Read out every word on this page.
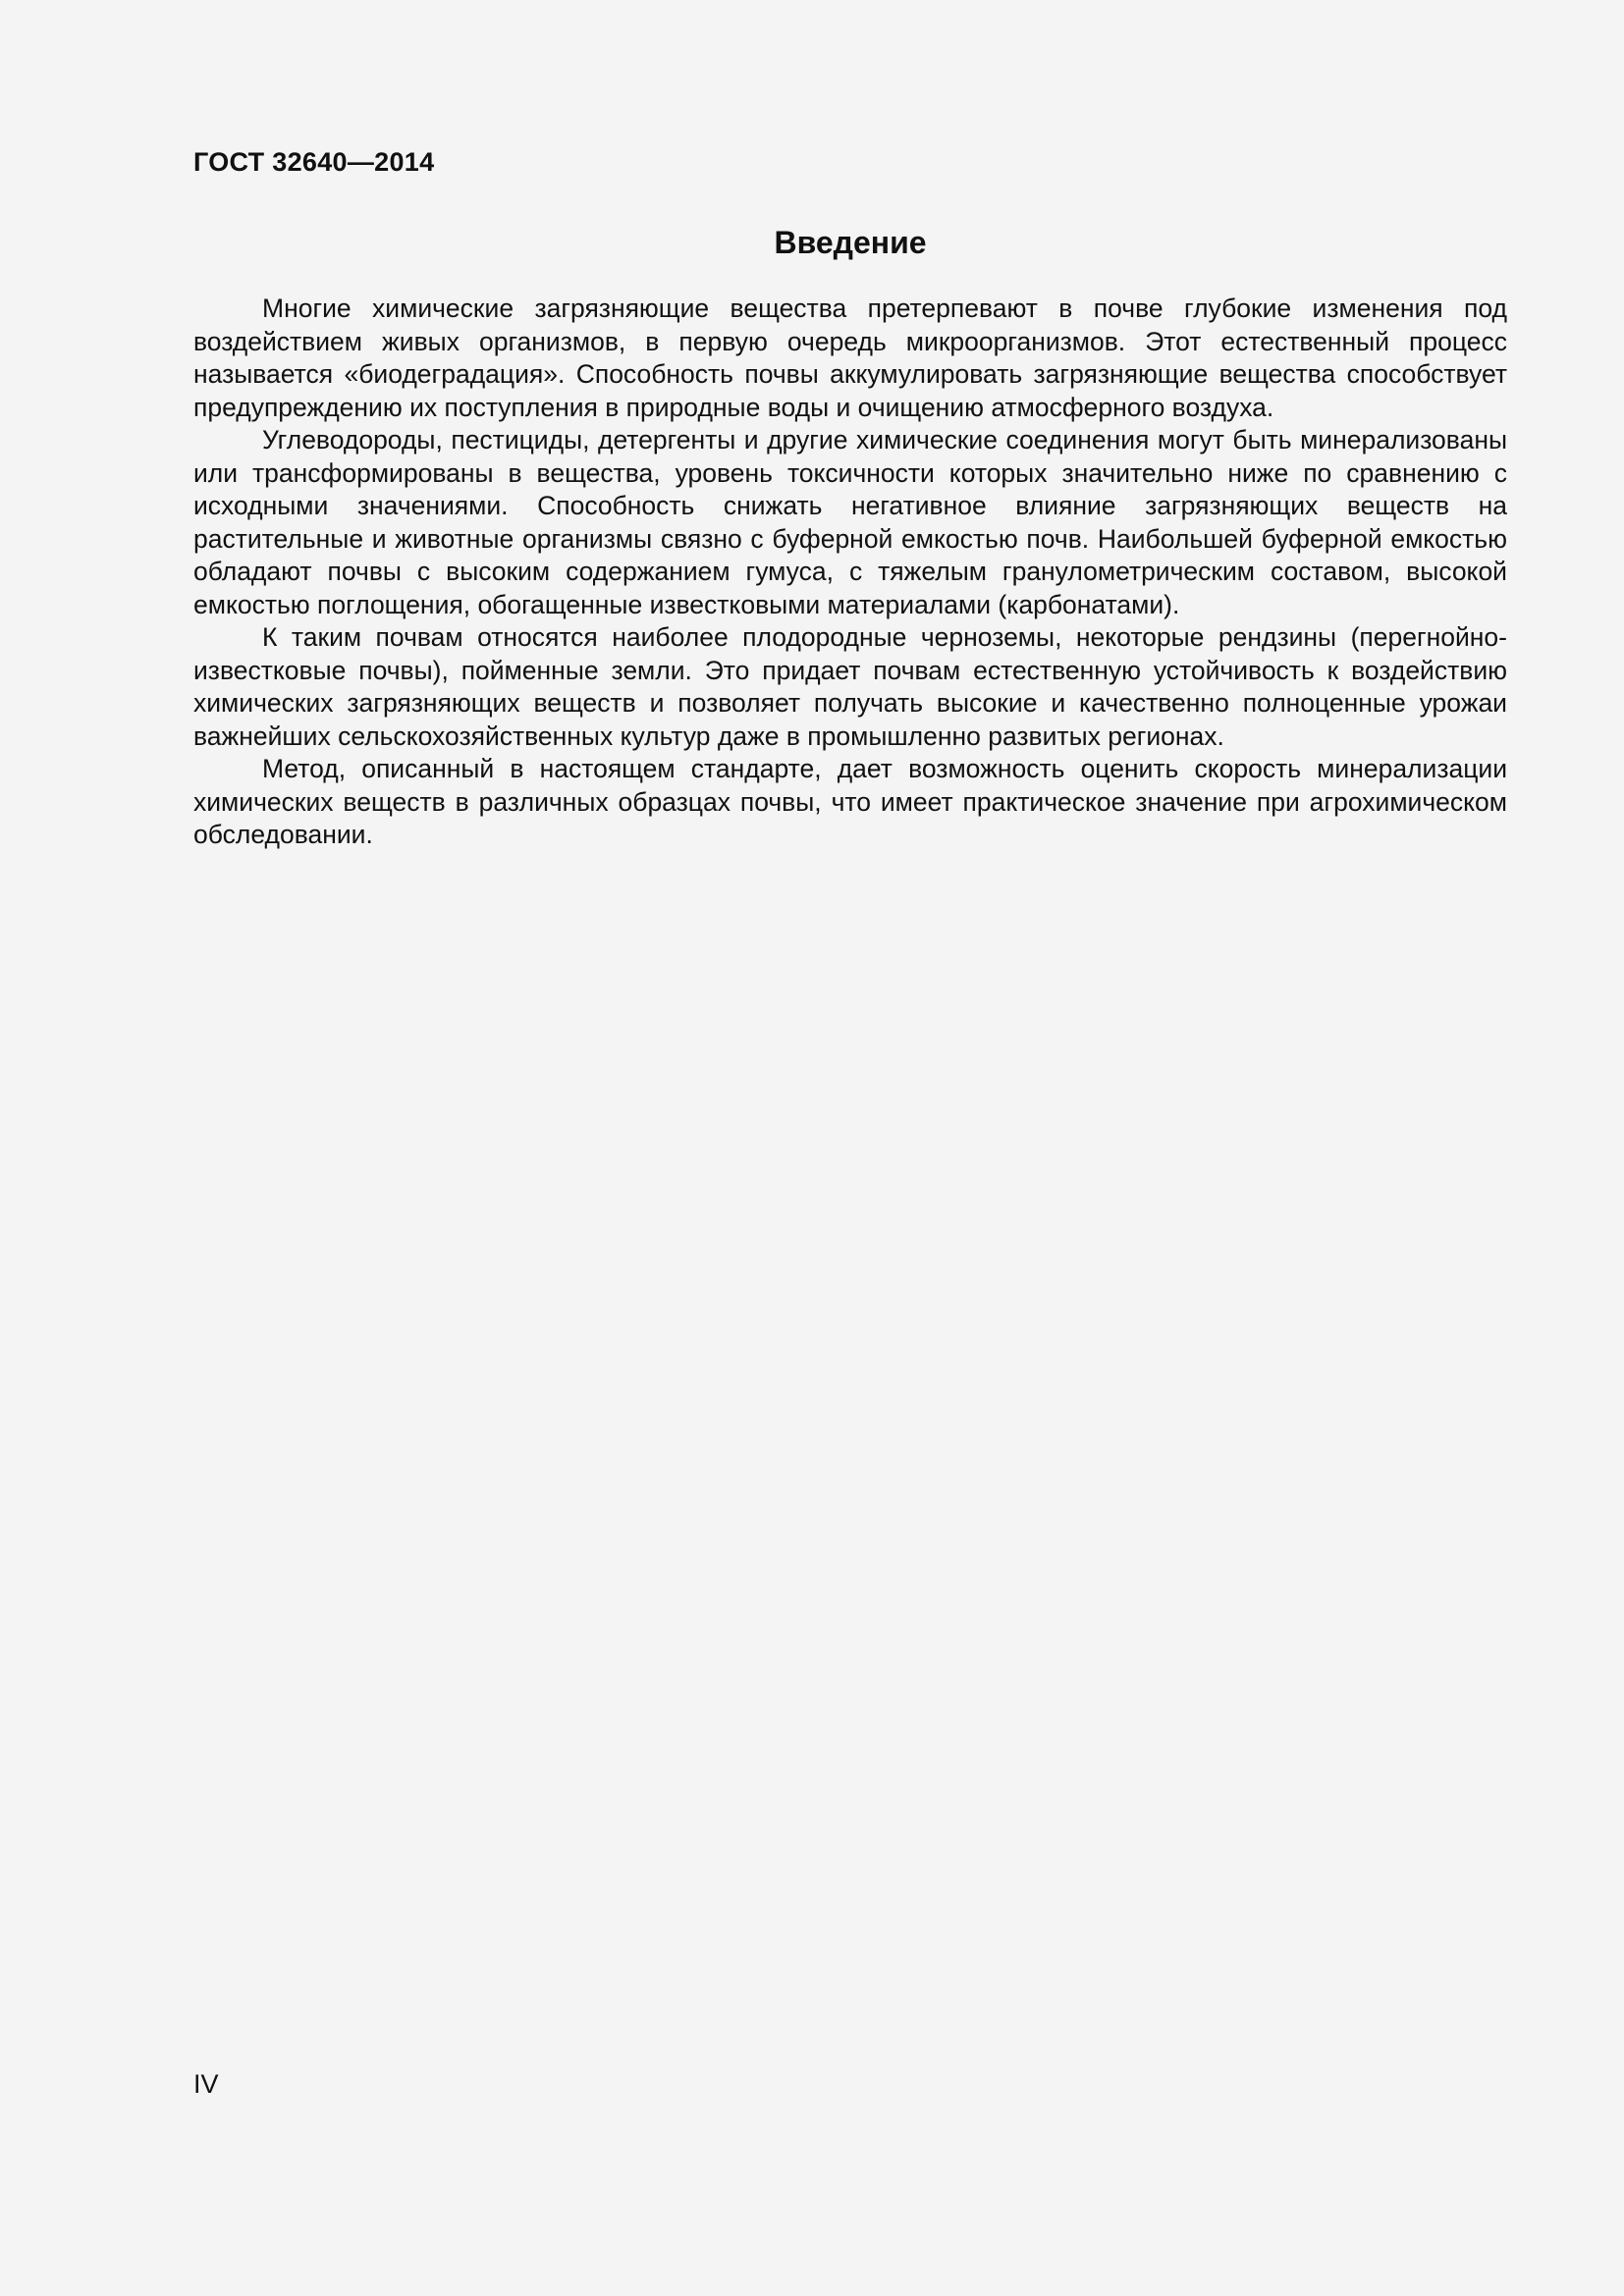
ГОСТ 32640—2014
Введение

Многие химические загрязняющие вещества претерпевают в почве глубокие изменения под воздействием живых организмов, в первую очередь микроорганизмов. Этот естественный процесс называется «биодеградация». Способность почвы аккумулировать загрязняющие вещества способствует предупреждению их поступления в природные воды и очищению атмосферного воздуха.

Углеводороды, пестициды, детергенты и другие химические соединения могут быть минерализованы или трансформированы в вещества, уровень токсичности которых значительно ниже по сравнению с исходными значениями. Способность снижать негативное влияние загрязняющих веществ на растительные и животные организмы связно с буферной емкостью почв. Наибольшей буферной емкостью обладают почвы с высоким содержанием гумуса, с тяжелым гранулометрическим составом, высокой емкостью поглощения, обогащенные известковыми материалами (карбонатами).

К таким почвам относятся наиболее плодородные черноземы, некоторые рендзины (перегнойно-известковые почвы), пойменные земли. Это придает почвам естественную устойчивость к воздействию химических загрязняющих веществ и позволяет получать высокие и качественно полноценные урожаи важнейших сельскохозяйственных культур даже в промышленно развитых регионах.

Метод, описанный в настоящем стандарте, дает возможность оценить скорость минерализации химических веществ в различных образцах почвы, что имеет практическое значение при агрохимическом обследовании.

IV
